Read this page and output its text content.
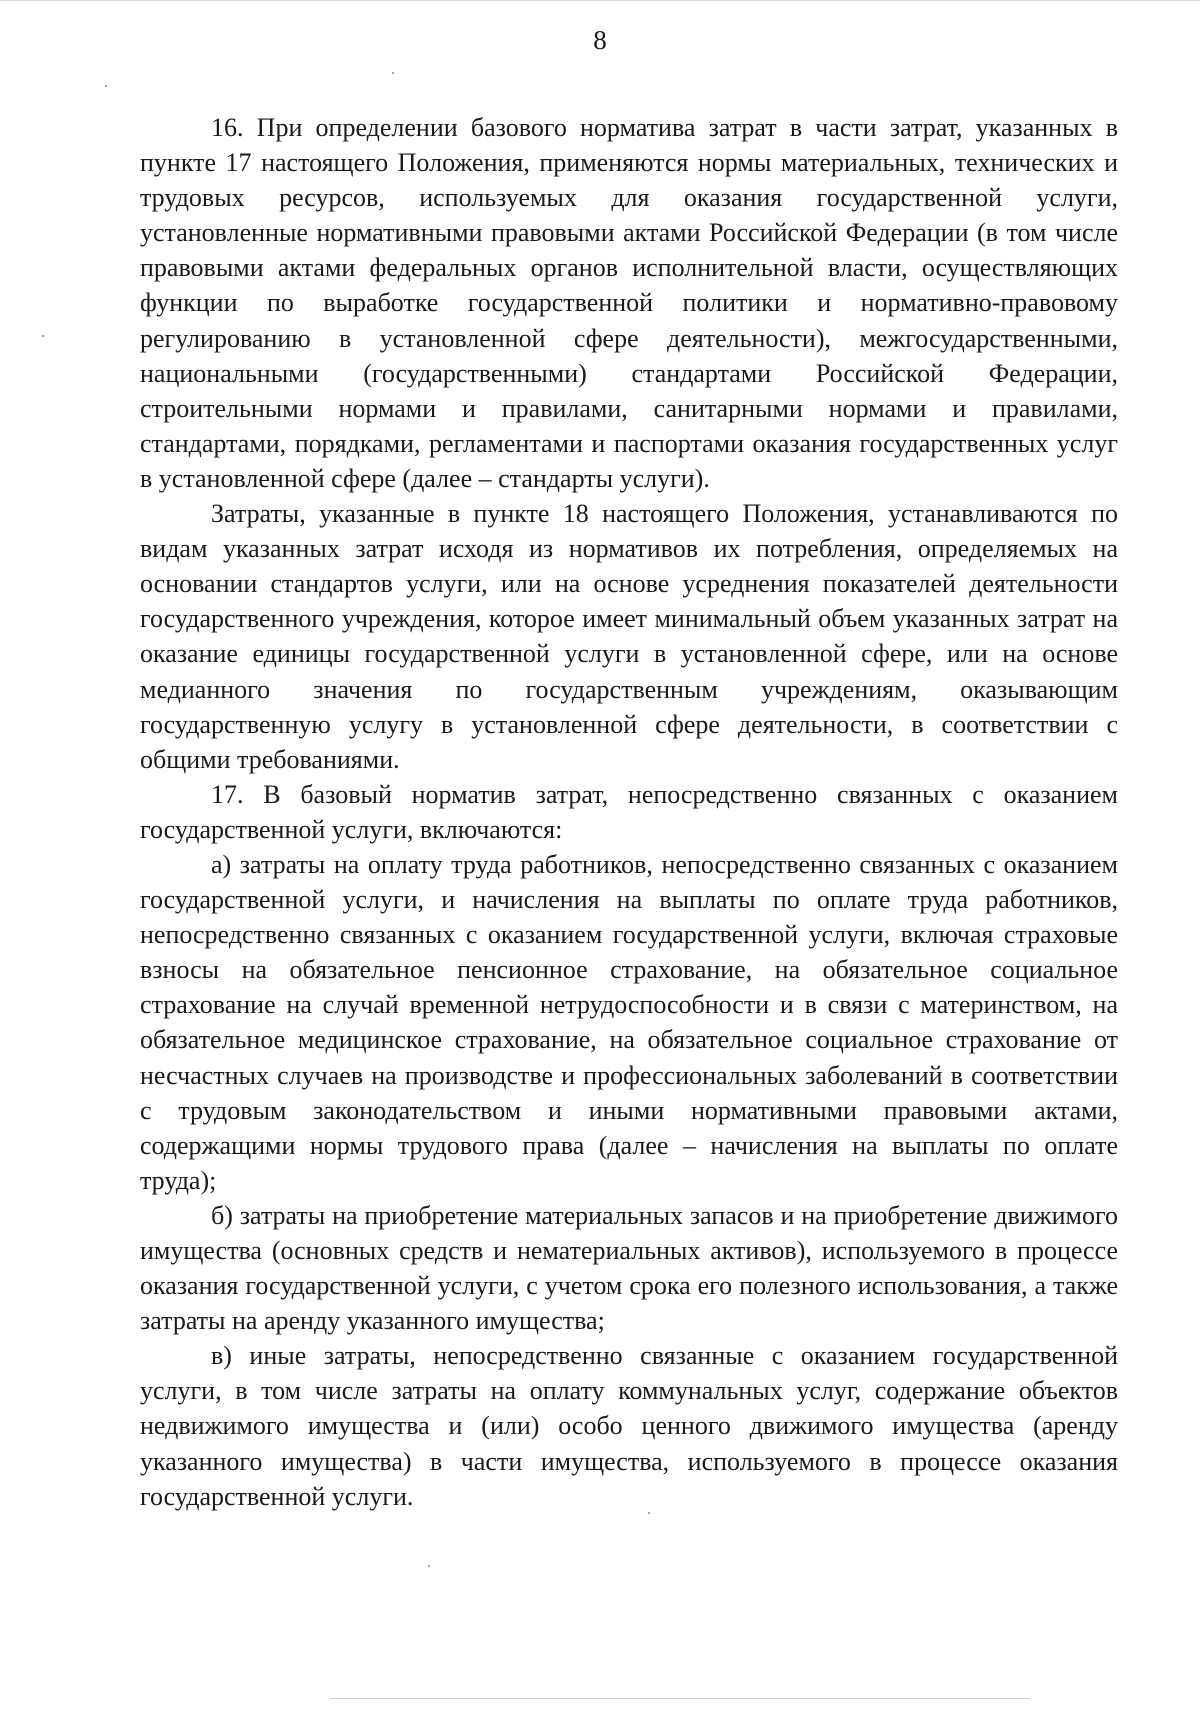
8

16. При определении базового норматива затрат в части затрат, указанных в пункте 17 настоящего Положения, применяются нормы материальных, технических и трудовых ресурсов, используемых для оказания государственной услуги, установленные нормативными правовыми актами Российской Федерации (в том числе правовыми актами федеральных органов исполнительной власти, осуществляющих функции по выработке государственной политики и нормативно-правовому регулированию в установленной сфере деятельности), межгосударственными, национальными (государственными) стандартами Российской Федерации, строительными нормами и правилами, санитарными нормами и правилами, стандартами, порядками, регламентами и паспортами оказания государственных услуг в установленной сфере (далее – стандарты услуги).

Затраты, указанные в пункте 18 настоящего Положения, устанавливаются по видам указанных затрат исходя из нормативов их потребления, определяемых на основании стандартов услуги, или на основе усреднения показателей деятельности государственного учреждения, которое имеет минимальный объем указанных затрат на оказание единицы государственной услуги в установленной сфере, или на основе медианного значения по государственным учреждениям, оказывающим государственную услугу в установленной сфере деятельности, в соответствии с общими требованиями.

17. В базовый норматив затрат, непосредственно связанных с оказанием государственной услуги, включаются:

а) затраты на оплату труда работников, непосредственно связанных с оказанием государственной услуги, и начисления на выплаты по оплате труда работников, непосредственно связанных с оказанием государственной услуги, включая страховые взносы на обязательное пенсионное страхование, на обязательное социальное страхование на случай временной нетрудоспособности и в связи с материнством, на обязательное медицинское страхование, на обязательное социальное страхование от несчастных случаев на производстве и профессиональных заболеваний в соответствии с трудовым законодательством и иными нормативными правовыми актами, содержащими нормы трудового права (далее – начисления на выплаты по оплате труда);

б) затраты на приобретение материальных запасов и на приобретение движимого имущества (основных средств и нематериальных активов), используемого в процессе оказания государственной услуги, с учетом срока его полезного использования, а также затраты на аренду указанного имущества;

в) иные затраты, непосредственно связанные с оказанием государственной услуги, в том числе затраты на оплату коммунальных услуг, содержание объектов недвижимого имущества и (или) особо ценного движимого имущества (аренду указанного имущества) в части имущества, используемого в процессе оказания государственной услуги.
